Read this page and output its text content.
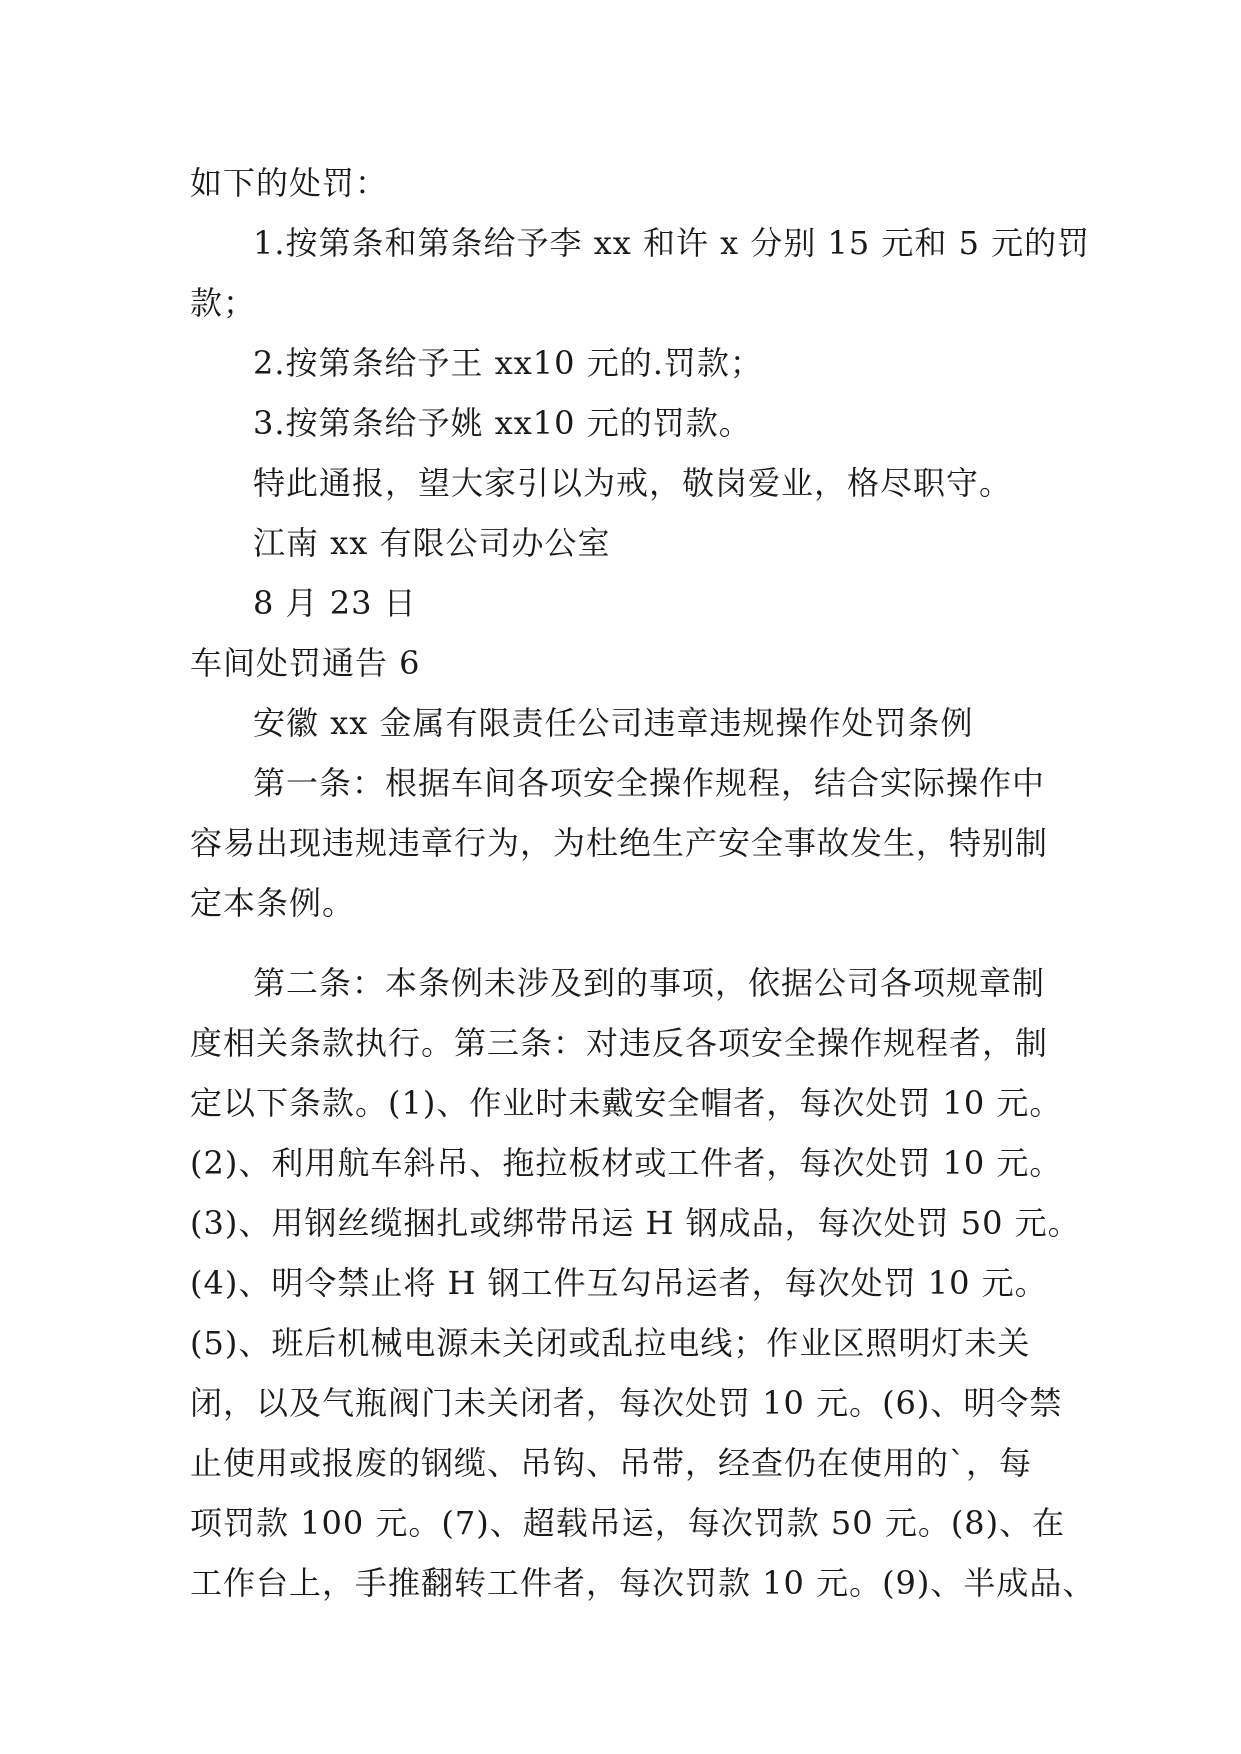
如下的处罚：
1.按第条和第条给予李 xx 和许 x 分别 15 元和 5 元的罚
款；
2.按第条给予王 xx10 元的.罚款；
3.按第条给予姚 xx10 元的罚款。
特此通报，望大家引以为戒，敬岗爱业，格尽职守。
江南 xx 有限公司办公室
8 月 23 日
车间处罚通告 6
安徽 xx 金属有限责任公司违章违规操作处罚条例
第一条：根据车间各项安全操作规程，结合实际操作中
容易出现违规违章行为，为杜绝生产安全事故发生，特别制
定本条例。
第二条：本条例未涉及到的事项，依据公司各项规章制
度相关条款执行。第三条：对违反各项安全操作规程者，制
定以下条款。(1)、作业时未戴安全帽者，每次处罚 10 元。
(2)、利用航车斜吊、拖拉板材或工件者，每次处罚 10 元。
(3)、用钢丝缆捆扎或绑带吊运 H 钢成品，每次处罚 50 元。
(4)、明令禁止将 H 钢工件互勾吊运者，每次处罚 10 元。
(5)、班后机械电源未关闭或乱拉电线；作业区照明灯未关
闭，以及气瓶阀门未关闭者，每次处罚 10 元。(6)、明令禁
止使用或报废的钢缆、吊钩、吊带，经查仍在使用的`，每
项罚款 100 元。(7)、超载吊运，每次罚款 50 元。(8)、在
工作台上，手推翻转工件者，每次罚款 10 元。(9)、半成品、
